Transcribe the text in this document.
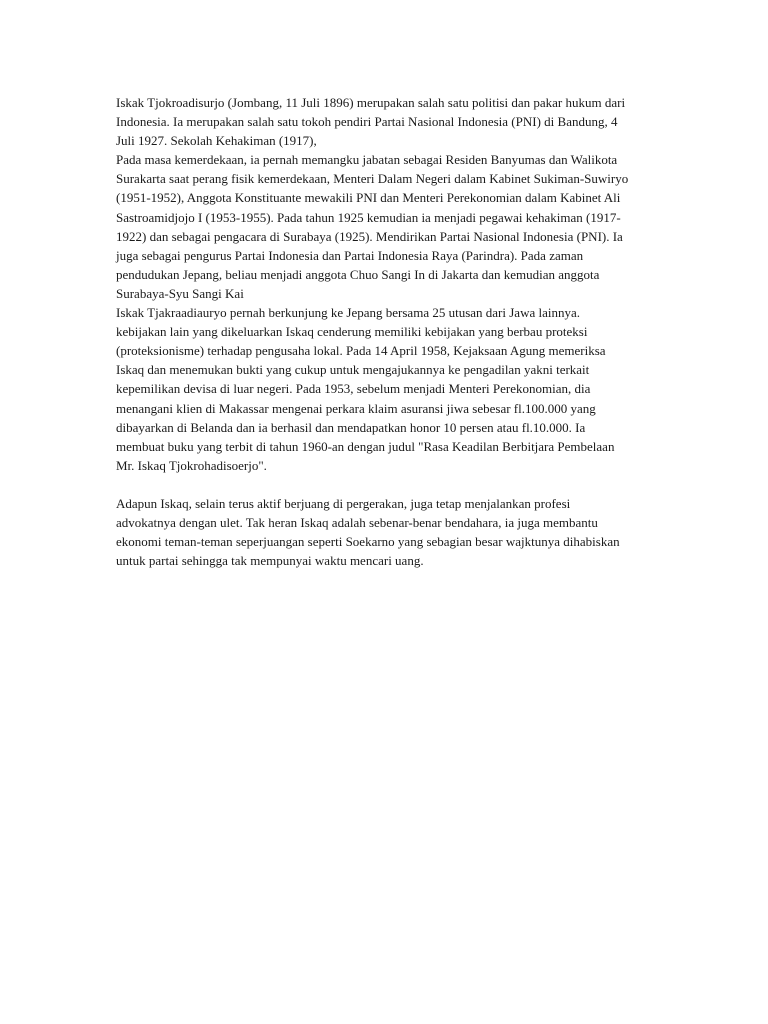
Iskak Tjokroadisurjo (Jombang, 11 Juli 1896) merupakan salah satu politisi dan pakar hukum dari
Indonesia. Ia merupakan salah satu tokoh pendiri Partai Nasional Indonesia (PNI) di Bandung, 4
Juli 1927. Sekolah Kehakiman (1917),
Pada masa kemerdekaan, ia pernah memangku jabatan sebagai Residen Banyumas dan Walikota
Surakarta saat perang fisik kemerdekaan, Menteri Dalam Negeri dalam Kabinet Sukiman-Suwiryo
(1951-1952), Anggota Konstituante mewakili PNI dan Menteri Perekonomian dalam Kabinet Ali
Sastroamidjojo I (1953-1955). Pada tahun 1925 kemudian ia menjadi pegawai kehakiman (1917-
1922) dan sebagai pengacara di Surabaya (1925). Mendirikan Partai Nasional Indonesia (PNI). Ia
juga sebagai pengurus Partai Indonesia dan Partai Indonesia Raya (Parindra). Pada zaman
pendudukan Jepang, beliau menjadi anggota Chuo Sangi In di Jakarta dan kemudian anggota
Surabaya-Syu Sangi Kai
Iskak Tjakraadiauryo pernah berkunjung ke Jepang bersama 25 utusan dari Jawa lainnya.
kebijakan lain yang dikeluarkan Iskaq cenderung memiliki kebijakan yang berbau proteksi
(proteksionisme) terhadap pengusaha lokal. Pada 14 April 1958, Kejaksaan Agung memeriksa
Iskaq dan menemukan bukti yang cukup untuk mengajukannya ke pengadilan yakni terkait
kepemilikan devisa di luar negeri. Pada 1953, sebelum menjadi Menteri Perekonomian, dia
menangani klien di Makassar mengenai perkara klaim asuransi jiwa sebesar fl.100.000 yang
dibayarkan di Belanda dan ia berhasil dan mendapatkan honor 10 persen atau fl.10.000. Ia
membuat buku yang terbit di tahun 1960-an dengan judul "Rasa Keadilan Berbitjara Pembelaan
Mr. Iskaq Tjokrohadisoerjo".
Adapun Iskaq, selain terus aktif berjuang di pergerakan, juga tetap menjalankan profesi
advokatnya dengan ulet. Tak heran Iskaq adalah sebenar-benar bendahara, ia juga membantu
ekonomi teman-teman seperjuangan seperti Soekarno yang sebagian besar wajktunya dihabiskan
untuk partai sehingga tak mempunyai waktu mencari uang.
